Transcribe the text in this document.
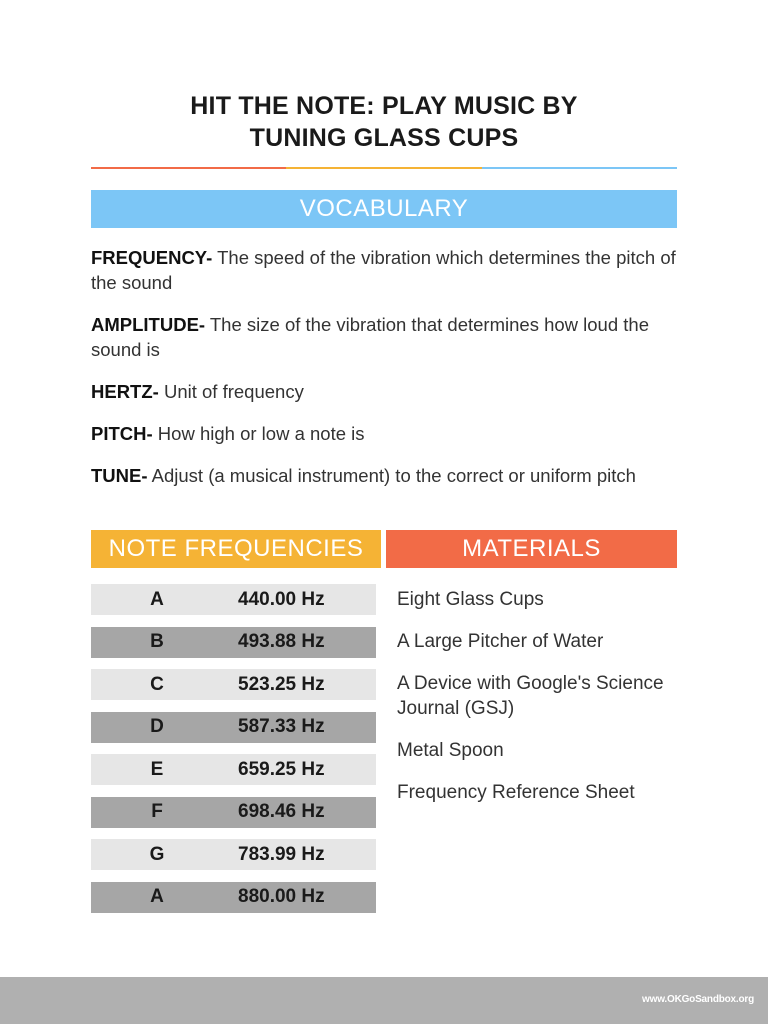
HIT THE NOTE: PLAY MUSIC BY
TUNING GLASS CUPS
VOCABULARY
FREQUENCY- The speed of the vibration which determines the pitch of the sound
AMPLITUDE- The size of the vibration that determines how loud the sound is
HERTZ- Unit of frequency
PITCH- How high or low a note is
TUNE- Adjust (a musical instrument) to the correct or uniform pitch
NOTE FREQUENCIES	MATERIALS
A	440.00 Hz
B	493.88 Hz
C	523.25 Hz
D	587.33 Hz
E	659.25 Hz
F	698.46 Hz
G	783.99 Hz
A	880.00 Hz
Eight Glass Cups
A Large Pitcher of Water
A Device with Google's Science Journal (GSJ)
Metal Spoon
Frequency Reference Sheet
www.OKGoSandbox.org
